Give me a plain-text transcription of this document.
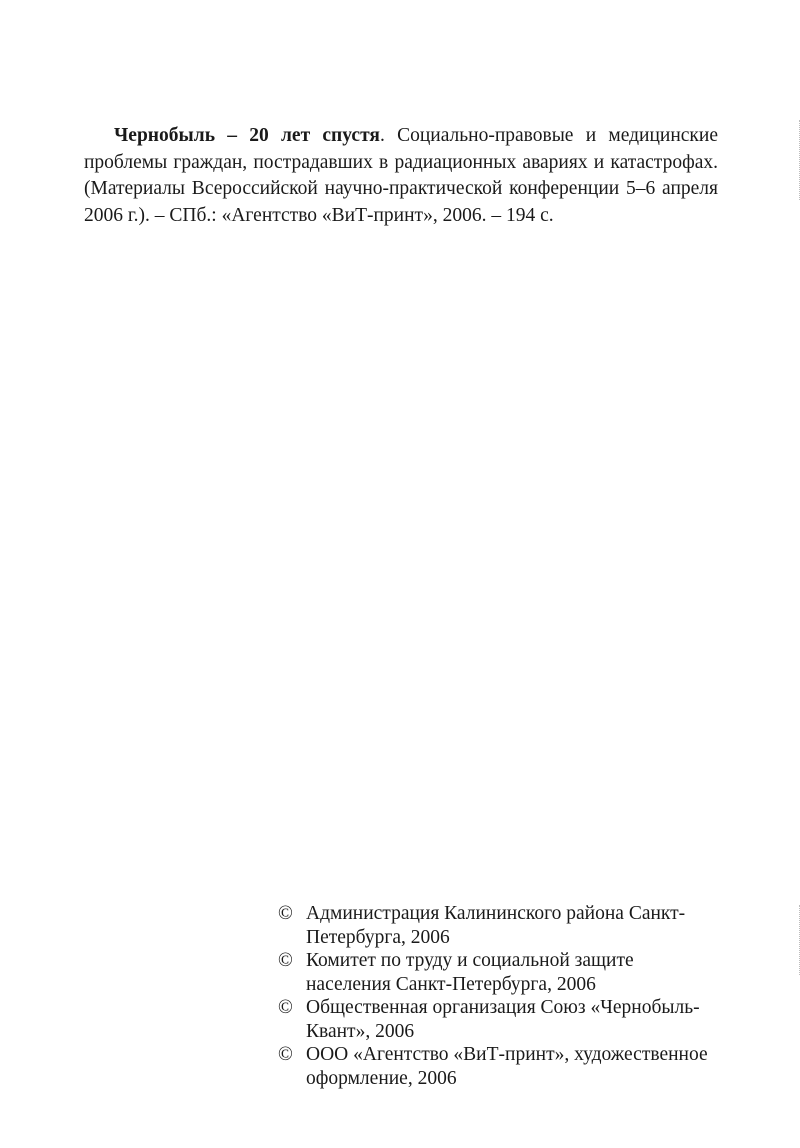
Чернобыль – 20 лет спустя. Социально-правовые и медицинские проблемы граждан, пострадавших в радиационных авариях и катастрофах. (Материалы Всероссийской научно-практической конференции 5–6 апреля 2006 г.). – СПб.: «Агентство «ВиТ-принт», 2006. – 194 с.

© Администрация Калининского района Санкт-Петербурга, 2006
© Комитет по труду и социальной защите населения Санкт-Петербурга, 2006
© Общественная организация Союз «Чернобыль-Квант», 2006
© ООО «Агентство «ВиТ-принт», художественное оформление, 2006
